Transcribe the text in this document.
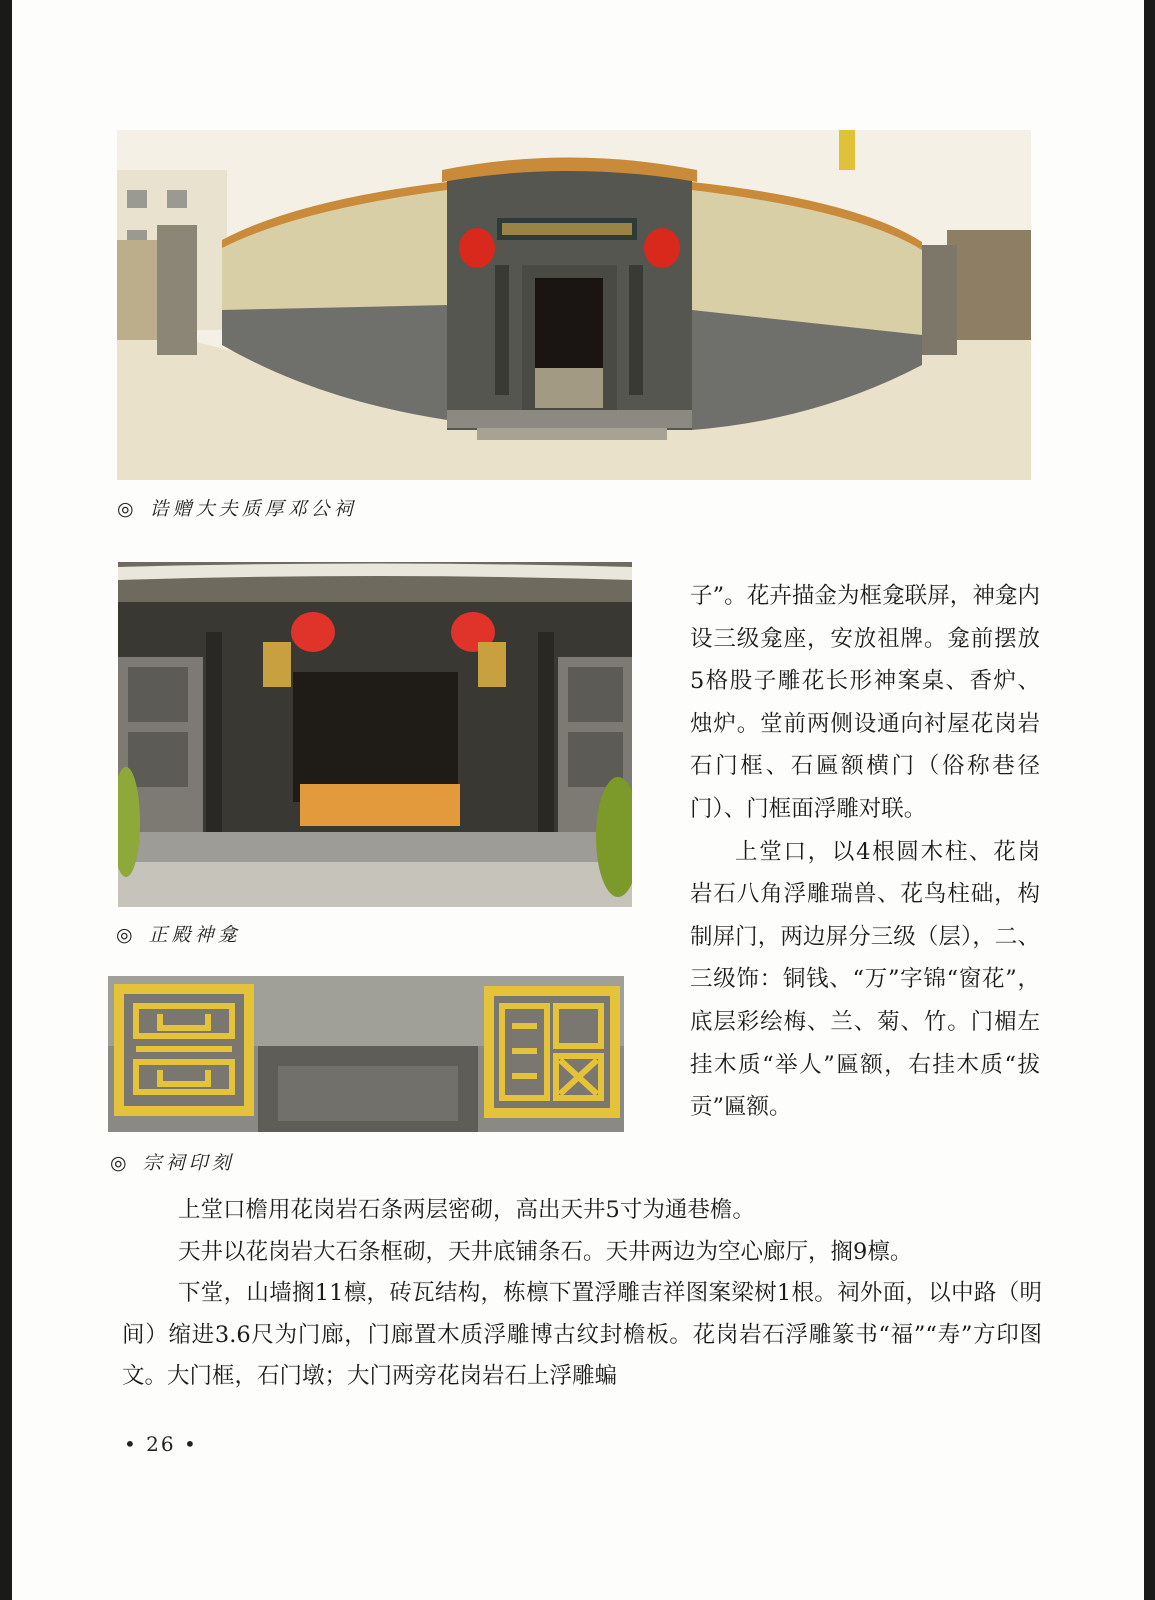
◎ 诰赠大夫质厚邓公祠
◎ 正殿神龛
◎ 宗祠印刻

子”。花卉描金为框龛联屏，神龛内设三级龛座，安放祖牌。龛前摆放5格股子雕花长形神案桌、香炉、烛炉。堂前两侧设通向衬屋花岗岩石门框、石匾额横门（俗称巷径门）、门框面浮雕对联。

上堂口，以4根圆木柱、花岗岩石八角浮雕瑞兽、花鸟柱础，构制屏门，两边屏分三级（层），二、三级饰：铜钱、“万”字锦“窗花”，底层彩绘梅、兰、菊、竹。门楣左挂木质“举人”匾额，右挂木质“拔贡”匾额。

上堂口檐用花岗岩石条两层密砌，高出天井5寸为通巷檐。

天井以花岗岩大石条框砌，天井底铺条石。天井两边为空心廊厅，搁9檩。

下堂，山墙搁11檩，砖瓦结构，栋檩下置浮雕吉祥图案梁树1根。祠外面，以中路（明间）缩进3.6尺为门廊，门廊置木质浮雕博古纹封檐板。花岗岩石浮雕篆书“福”“寿”方印图文。大门框，石门墩；大门两旁花岗岩石上浮雕蝙

• 26 •
